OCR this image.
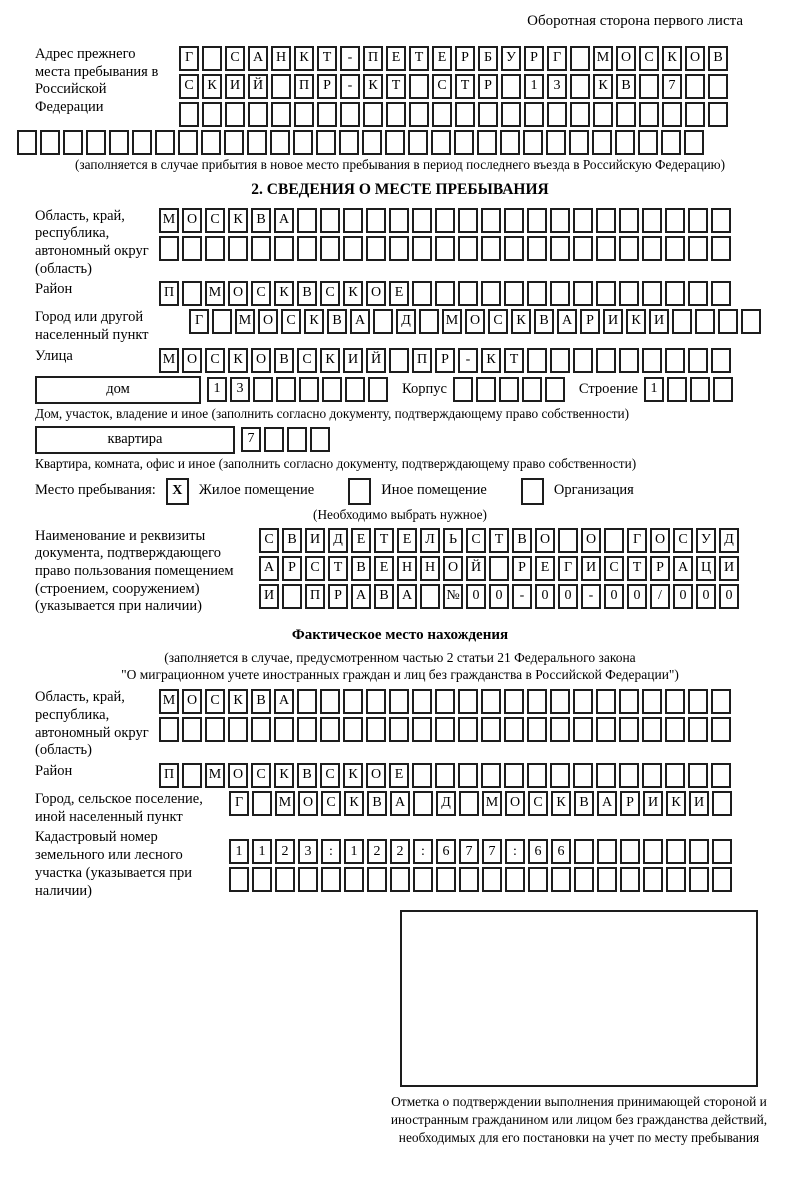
Оборотная сторона первого листа
Адрес прежнего места пребывания в Российской Федерации
Г	С А Н К	Т	-	П Е	Т	Е	Р	Б	У	Р	Г	М О С К О В
С К И Й	П	Р	-	К	Т	С	Т	Р	1	3	К В	7
(заполняется в случае прибытия в новое место пребывания в период последнего въезда в Российскую Федерацию)
2. СВЕДЕНИЯ О МЕСТЕ ПРЕБЫВАНИЯ
Область, край, республика, автономный округ (область)
М О С К В А
Район	П	М О С К В С К О Е
Город или другой населенный пункт
Г	М О С К В А	Д	М О С К В А	Р	И К И
Улица	М О С К О В С К И Й	П	Р	-	К	Т
дом	1	3	Корпус	Строение 1
Дом, участок, владение и иное (заполнить согласно документу, подтверждающему право собственности)
квартира	7
Квартира, комната, офис и иное (заполнить согласно документу, подтверждающему право собственности)
Место пребывания:	X	Жилое помещение	Иное помещение	Организация
(Необходимо выбрать нужное)
Наименование и реквизиты документа, подтверждающего право пользования помещением (строением, сооружением) (указывается при наличии)
С В И Д Е	Т	Е Л	Ь	С	Т	В О	О	Г О С У Д
А	Р	С	Т	В	Е Н Н О Й	Р	Е	Г И С	Т	Р	А Ц И
И	П	Р	А В А	№ 0	0	-	0	0	-	0	0	/	0	0	0
Фактическое место нахождения
(заполняется в случае, предусмотренном частью 2 статьи 21 Федерального закона
"О миграционном учете иностранных граждан и лиц без гражданства в Российской Федерации")
Область, край, республика, автономный округ (область)
М О С К В А
Район	П	М О С К В С К О Е
Город, сельское поселение, иной населенный пункт
Г	М О С К В А	Д	М О С К В А	Р	И К И
Кадастровый номер земельного или лесного участка (указывается при наличии)
1	1	2	3	:	1	2	2	:	6	7	7	:	6	6
Отметка о подтверждении выполнения принимающей стороной и иностранным гражданином или лицом без гражданства действий, необходимых для его постановки на учет по месту пребывания
